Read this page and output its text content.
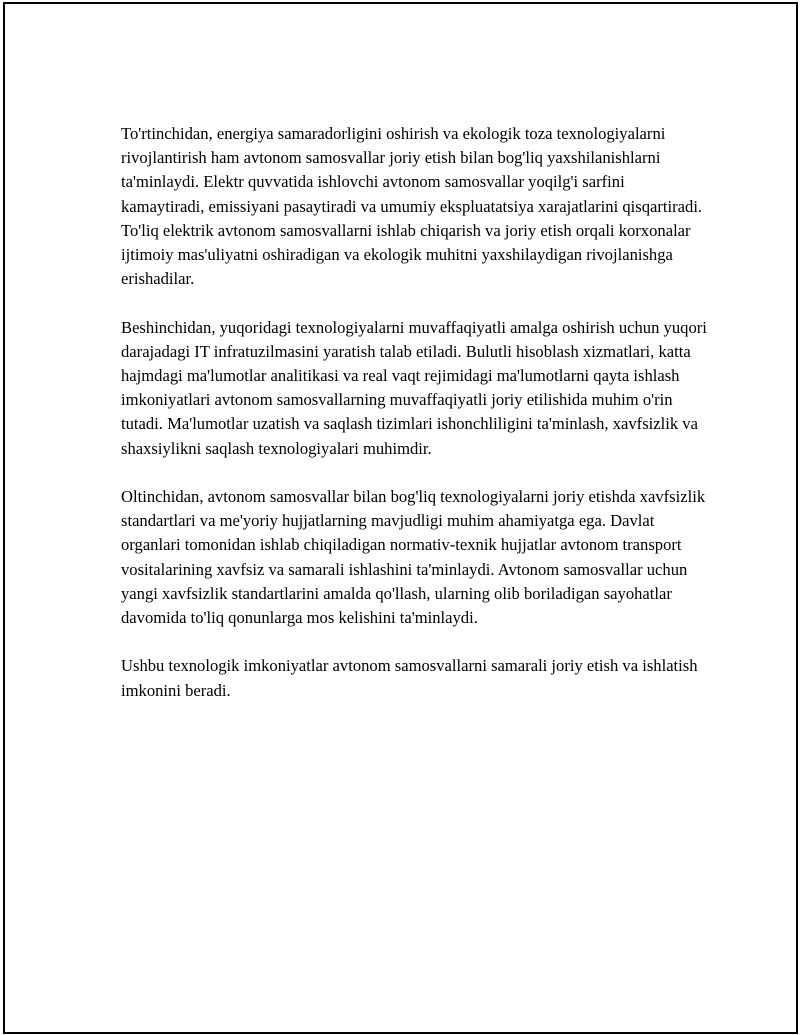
To'rtinchidan, energiya samaradorligini oshirish va ekologik toza texnologiyalarni rivojlantirish ham avtonom samosvallar joriy etish bilan bog'liq yaxshilanishlarni ta'minlaydi. Elektr quvvatida ishlovchi avtonom samosvallar yoqilg'i sarfini kamaytiradi, emissiyani pasaytiradi va umumiy ekspluatatsiya xarajatlarini qisqartiradi. To'liq elektrik avtonom samosvallarni ishlab chiqarish va joriy etish orqali korxonalar ijtimoiy mas'uliyatni oshiradigan va ekologik muhitni yaxshilaydigan rivojlanishga erishadilar.

Beshinchidan, yuqoridagi texnologiyalarni muvaffaqiyatli amalga oshirish uchun yuqori darajadagi IT infratuzilmasini yaratish talab etiladi. Bulutli hisoblash xizmatlari, katta hajmdagi ma'lumotlar analitikasi va real vaqt rejimidagi ma'lumotlarni qayta ishlash imkoniyatlari avtonom samosvallarning muvaffaqiyatli joriy etilishida muhim o'rin tutadi. Ma'lumotlar uzatish va saqlash tizimlari ishonchliligini ta'minlash, xavfsizlik va shaxsiylikni saqlash texnologiyalari muhimdir.

Oltinchidan, avtonom samosvallar bilan bog'liq texnologiyalarni joriy etishda xavfsizlik standartlari va me'yoriy hujjatlarning mavjudligi muhim ahamiyatga ega. Davlat organlari tomonidan ishlab chiqiladigan normativ-texnik hujjatlar avtonom transport vositalarining xavfsiz va samarali ishlashini ta'minlaydi. Avtonom samosvallar uchun yangi xavfsizlik standartlarini amalda qo'llash, ularning olib boriladigan sayohatlar davomida to'liq qonunlarga mos kelishini ta'minlaydi.

Ushbu texnologik imkoniyatlar avtonom samosvallarni samarali joriy etish va ishlatish imkonini beradi.
